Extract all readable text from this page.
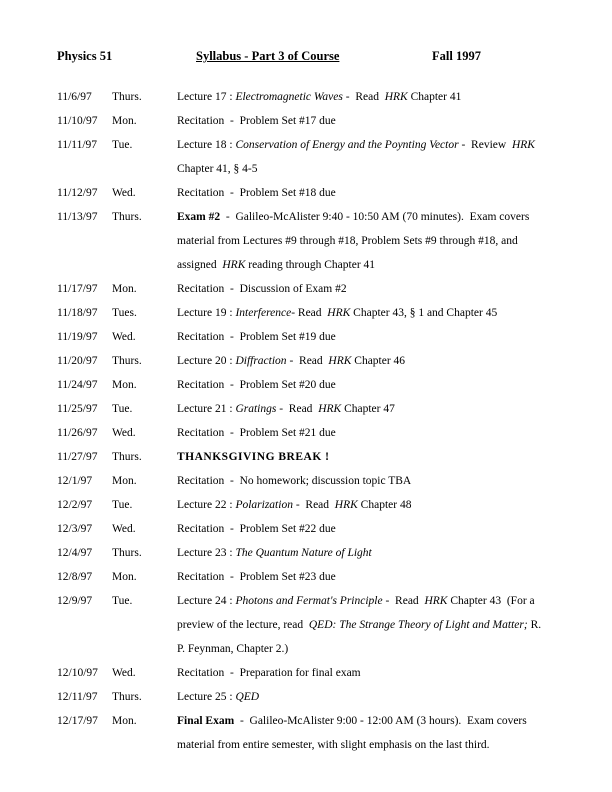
Physics 51	Syllabus - Part 3 of Course	Fall 1997
11/6/97	Thurs.	Lecture 17 : Electromagnetic Waves -  Read  HRK Chapter 41
11/10/97	Mon.	Recitation  -  Problem Set #17 due
11/11/97	Tue.	Lecture 18 : Conservation of Energy and the Poynting Vector -  Review  HRK
Chapter 41, § 4-5
11/12/97	Wed.	Recitation  -  Problem Set #18 due
11/13/97	Thurs.	Exam #2  -  Galileo-McAlister 9:40 - 10:50 AM (70 minutes).  Exam covers
material from Lectures #9 through #18, Problem Sets #9 through #18, and
assigned  HRK reading through Chapter 41
11/17/97	Mon.	Recitation  -  Discussion of Exam #2
11/18/97	Tues.	Lecture 19 : Interference- Read  HRK Chapter 43, § 1 and Chapter 45
11/19/97	Wed.	Recitation  -  Problem Set #19 due
11/20/97	Thurs.	Lecture 20 : Diffraction -  Read  HRK Chapter 46
11/24/97	Mon.	Recitation  -  Problem Set #20 due
11/25/97	Tue.	Lecture 21 : Gratings -  Read  HRK Chapter 47
11/26/97	Wed.	Recitation  -  Problem Set #21 due
11/27/97	Thurs.	THANKSGIVING BREAK !
12/1/97	Mon.	Recitation  -  No homework; discussion topic TBA
12/2/97	Tue.	Lecture 22 : Polarization -  Read  HRK Chapter 48
12/3/97	Wed.	Recitation  -  Problem Set #22 due
12/4/97	Thurs.	Lecture 23 : The Quantum Nature of Light
12/8/97	Mon.	Recitation  -  Problem Set #23 due
12/9/97	Tue.	Lecture 24 : Photons and Fermat's Principle -  Read  HRK Chapter 43  (For a
preview of the lecture, read  QED: The Strange Theory of Light and Matter; R.
P. Feynman, Chapter 2.)
12/10/97	Wed.	Recitation  -  Preparation for final exam
12/11/97	Thurs.	Lecture 25 : QED
12/17/97	Mon.	Final Exam  -  Galileo-McAlister 9:00 - 12:00 AM (3 hours).  Exam covers
material from entire semester, with slight emphasis on the last third.
